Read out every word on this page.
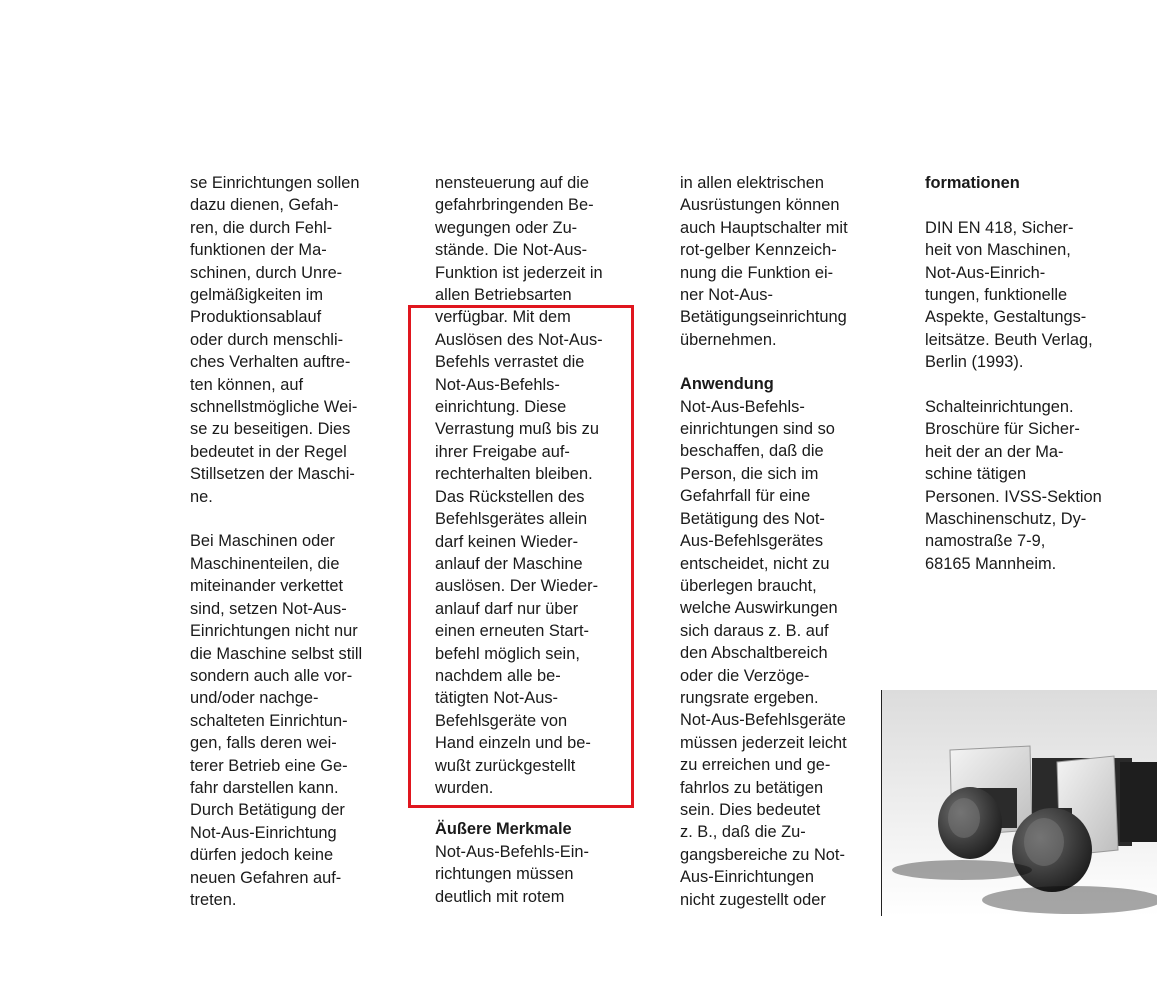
se Einrichtungen sollen

dazu dienen, Gefah-

ren, die durch Fehl-

funktionen der Ma-

schinen, durch Unre-

gelmäßigkeiten im

Produktionsablauf

oder durch menschli-

ches Verhalten auftre-

ten können, auf

schnellstmögliche Wei-

se zu beseitigen. Dies

bedeutet in der Regel

Stillsetzen der Maschi-

ne.

Bei Maschinen oder

Maschinenteilen, die

miteinander verkettet

sind, setzen Not-Aus-

Einrichtungen nicht nur

die Maschine selbst still

sondern auch alle vor-

und/oder nachge-

schalteten Einrichtun-

gen, falls deren wei-

terer Betrieb eine Ge-

fahr darstellen kann.

Durch Betätigung der

Not-Aus-Einrichtung

dürfen jedoch keine

neuen Gefahren auf-

treten.

nensteuerung auf die

gefahrbringenden Be-

wegungen oder Zu-

stände. Die Not-Aus-

Funktion ist jederzeit in

allen Betriebsarten

verfügbar. Mit dem

Auslösen des Not-Aus-

Befehls verrastet die

Not-Aus-Befehls-

einrichtung. Diese

Verrastung muß bis zu

ihrer Freigabe auf-

rechterhalten bleiben.

Das Rückstellen des

Befehlsgerätes allein

darf keinen Wieder-

anlauf der Maschine

auslösen. Der Wieder-

anlauf darf nur über

einen erneuten Start-

befehl möglich sein,

nachdem alle be-

tätigten Not-Aus-

Befehlsgeräte von

Hand einzeln und be-

wußt zurückgestellt

wurden.

Äußere Merkmale

Not-Aus-Befehls-Ein-

richtungen müssen

deutlich mit rotem

in allen elektrischen

Ausrüstungen können

auch Hauptschalter mit

rot-gelber Kennzeich-

nung die Funktion ei-

ner Not-Aus-

Betätigungseinrichtung

übernehmen.

Anwendung

Not-Aus-Befehls-

einrichtungen sind so

beschaffen, daß die

Person, die sich im

Gefahrfall für eine

Betätigung des Not-

Aus-Befehlsgerätes

entscheidet, nicht zu

überlegen braucht,

welche Auswirkungen

sich daraus z. B. auf

den Abschaltbereich

oder die Verzöge-

rungsrate ergeben.

Not-Aus-Befehlsgeräte

müssen jederzeit leicht

zu erreichen und ge-

fahrlos zu betätigen

sein. Dies bedeutet

z. B., daß die Zu-

gangsbereiche zu Not-

Aus-Einrichtungen

nicht zugestellt oder

formationen

DIN EN 418, Sicher-

heit von Maschinen,

Not-Aus-Einrich-

tungen, funktionelle

Aspekte, Gestaltungs-

leitsätze. Beuth Verlag,

Berlin (1993).

Schalteinrichtungen.

Broschüre für Sicher-

heit der an der Ma-

schine tätigen

Personen. IVSS-Sektion

Maschinenschutz, Dy-

namostraße 7-9,

68165 Mannheim.
